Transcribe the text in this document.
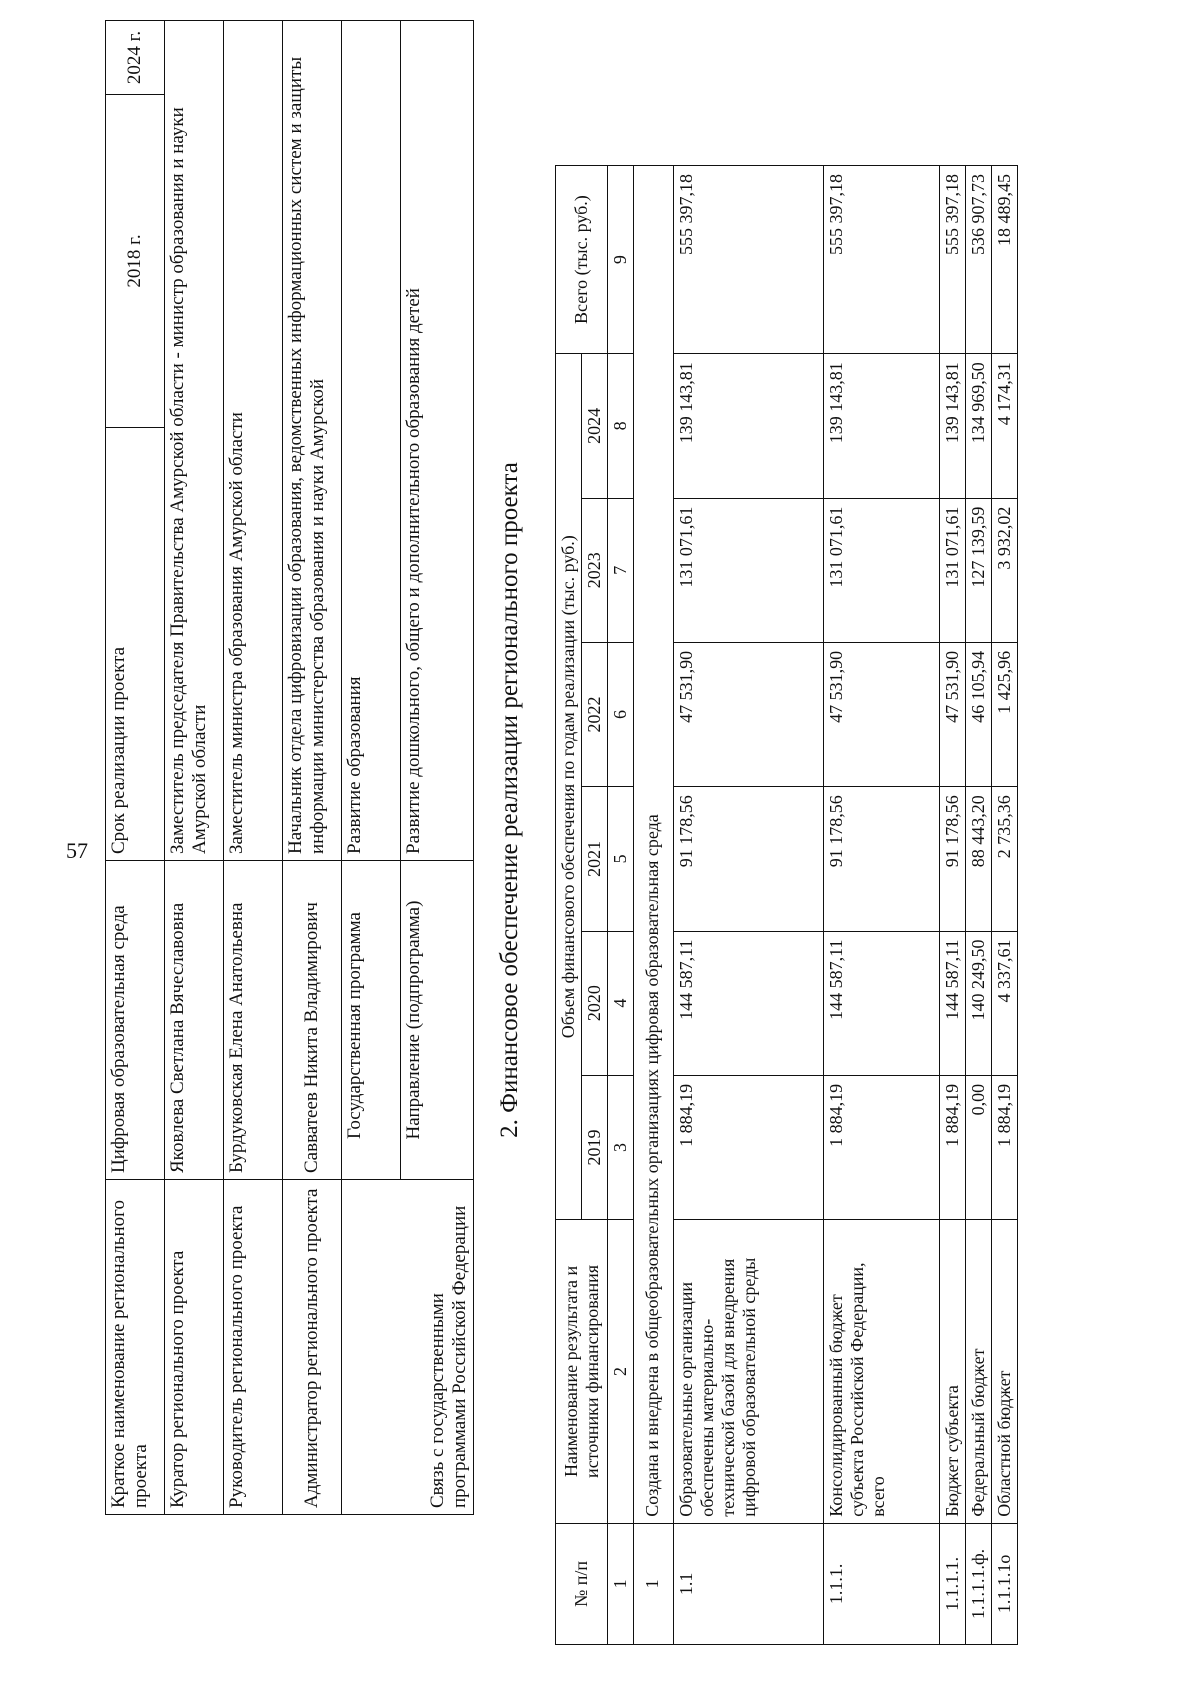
57
Краткое наименование регионального проекта	Цифровая образовательная среда	Срок реализации проекта	2018 г.	2024 г.
Куратор регионального проекта	Яковлева Светлана Вячеславовна	Заместитель председателя Правительства Амурской области - министр образования и науки Амурской области		
Руководитель регионального проекта	Бурдуковская Елена Анатольевна	Заместитель министра образования Амурской области		
Администратор регионального проекта	Савватеев Никита Владимирович	Начальник отдела цифровизации образования, ведомственных информационных систем и защиты информации министерства образования и науки Амурской		
Связь с государственными программами Российской Федерации	Государственная программа	Развитие образования		
	Направление (подпрограмма)	Развитие дошкольного, общего и дополнительного образования детей			2. Финансовое обеспечение реализации регионального проекта
№ п/п	Наименование результата и источники финансирования	Объем финансового обеспечения по годам реализации (тыс. руб.)						Всего (тыс. руб.)
		2019	2020	2021	2022	2023	2024	
1	2	3	4	5	6	7	8	9
1	Создана и внедрена в общеобразовательных организациях цифровая образовательная среда							
1.1	Образовательные организации обеспечены материально-технической базой для внедрения цифровой образовательной среды	1 884,19	144 587,11	91 178,56	47 531,90	131 071,61	139 143,81	555 397,18
1.1.1.	Консолидированный бюджет субъекта Российской Федерации, всего	1 884,19	144 587,11	91 178,56	47 531,90	131 071,61	139 143,81	555 397,18
1.1.1.1.	Бюджет субъекта	1 884,19	144 587,11	91 178,56	47 531,90	131 071,61	139 143,81	555 397,18
1.1.1.1.ф.	Федеральный бюджет	0,00	140 249,50	88 443,20	46 105,94	127 139,59	134 969,50	536 907,73
1.1.1.1о	Областной бюджет	1 884,19	4 337,61	2 735,36	1 425,96	3 932,02	4 174,31	18 489,45
